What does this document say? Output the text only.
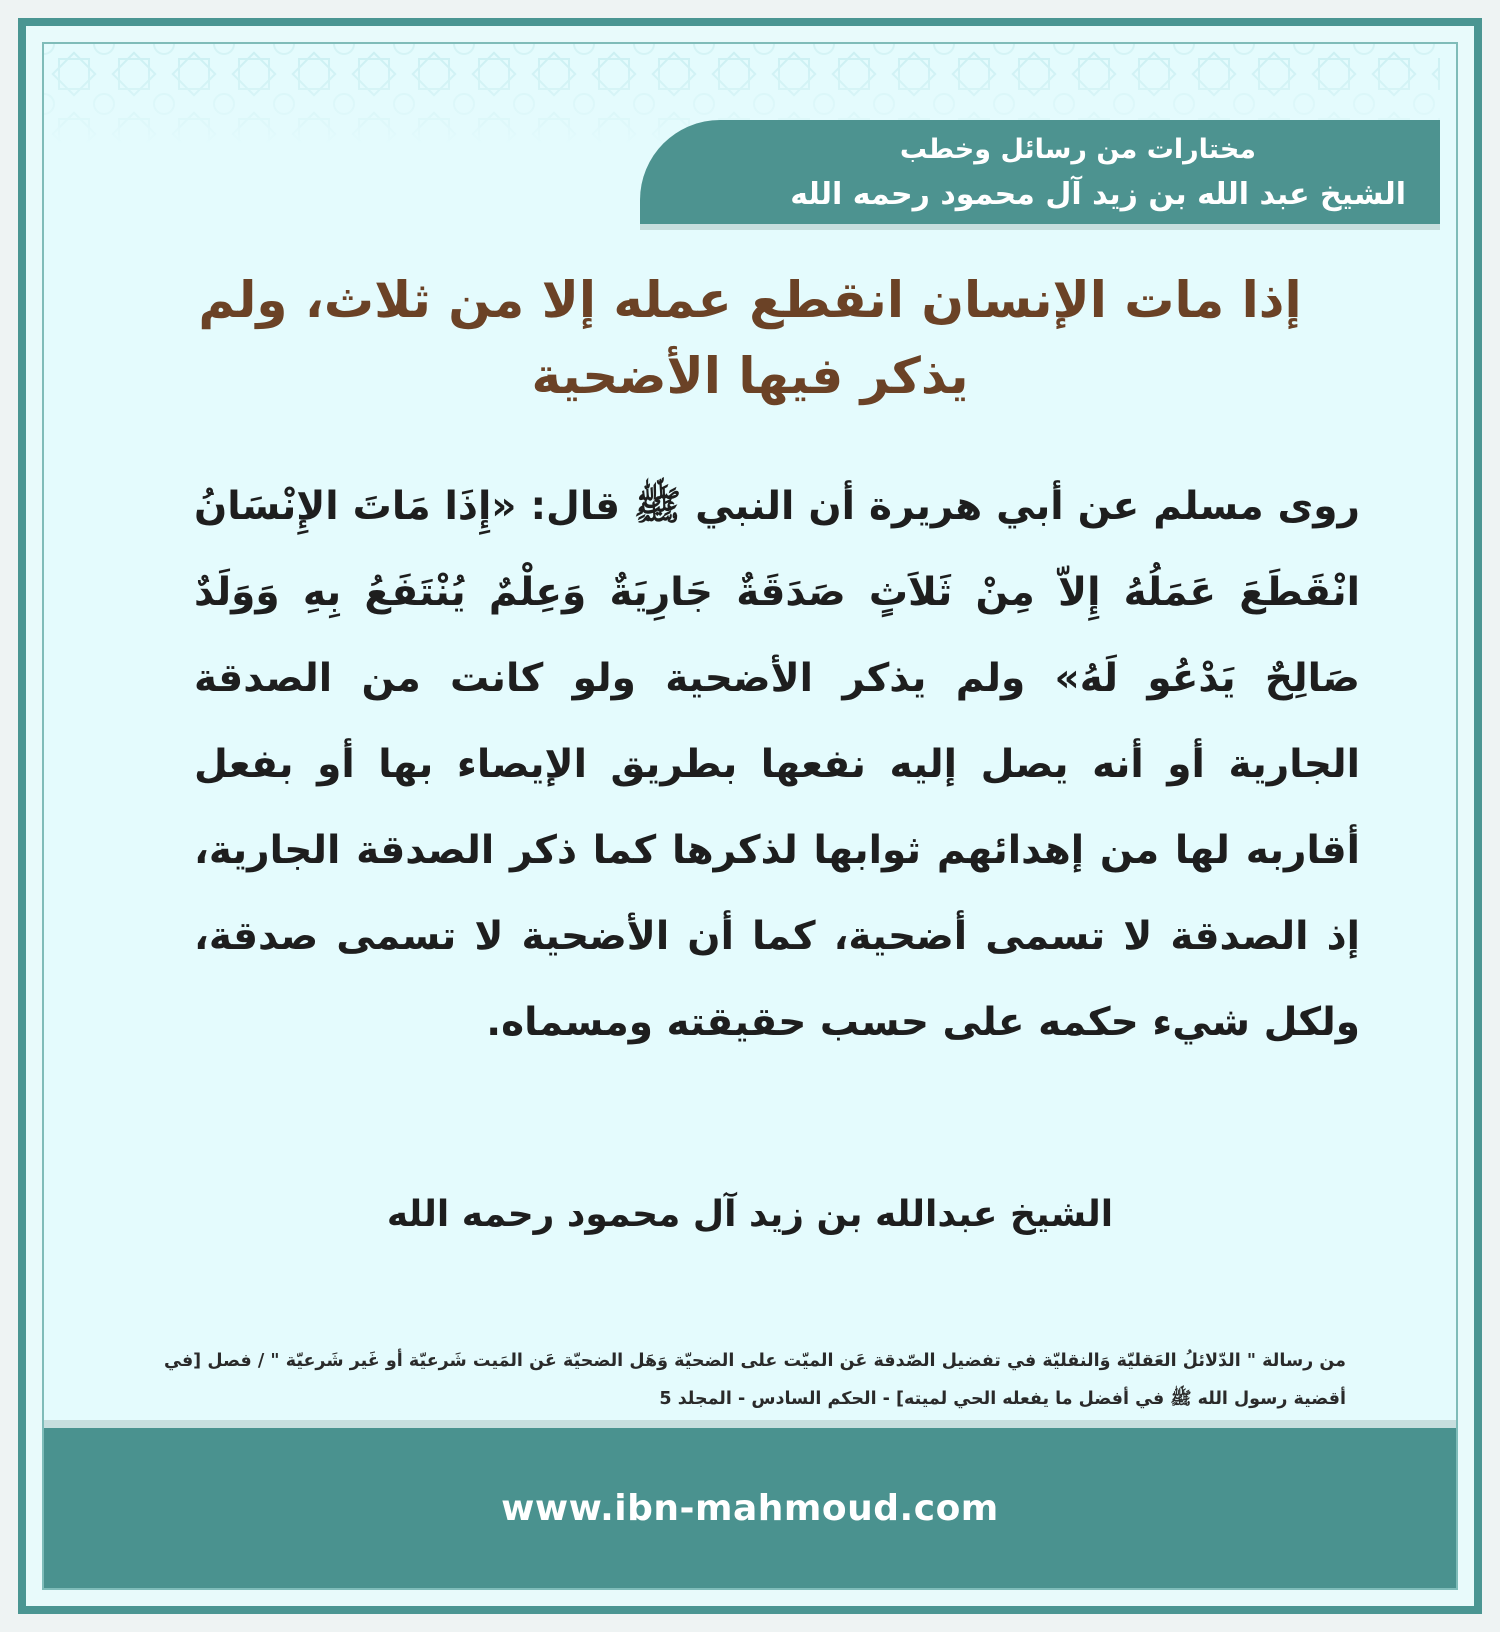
مختارات من رسائل وخطب
الشيخ عبد الله بن زيد آل محمود رحمه الله
إذا مات الإنسان انقطع عمله إلا من ثلاث، ولم يذكر فيها الأضحية
روى مسلم عن أبي هريرة أن النبي ﷺ قال: «إِذَا مَاتَ الإِنْسَانُ انْقَطَعَ عَمَلُهُ إِلاّ مِنْ ثَلاَثٍ صَدَقَةٌ جَارِيَةٌ وَعِلْمٌ يُنْتَفَعُ بِهِ وَوَلَدٌ صَالِحٌ يَدْعُو لَهُ» ولم يذكر الأضحية ولو كانت من الصدقة الجارية أو أنه يصل إليه نفعها بطريق الإيصاء بها أو بفعل أقاربه لها من إهدائهم ثوابها لذكرها كما ذكر الصدقة الجارية، إذ الصدقة لا تسمى أضحية، كما أن الأضحية لا تسمى صدقة، ولكل شيء حكمه على حسب حقيقته ومسماه.
الشيخ عبدالله بن زيد آل محمود رحمه الله
من رسالة " الدّلائلُ العَقليّة وَالنقليّة في تفضيل الصّدقة عَن الميّت على الضحيّة وَهَل الضحيّة عَن المَيت شَرعيّة أو غَير شَرعيّة " / فصل [في أقضية رسول الله ﷺ في أفضل ما يفعله الحي لميته] - الحكم السادس - المجلد 5
www.ibn-mahmoud.com
